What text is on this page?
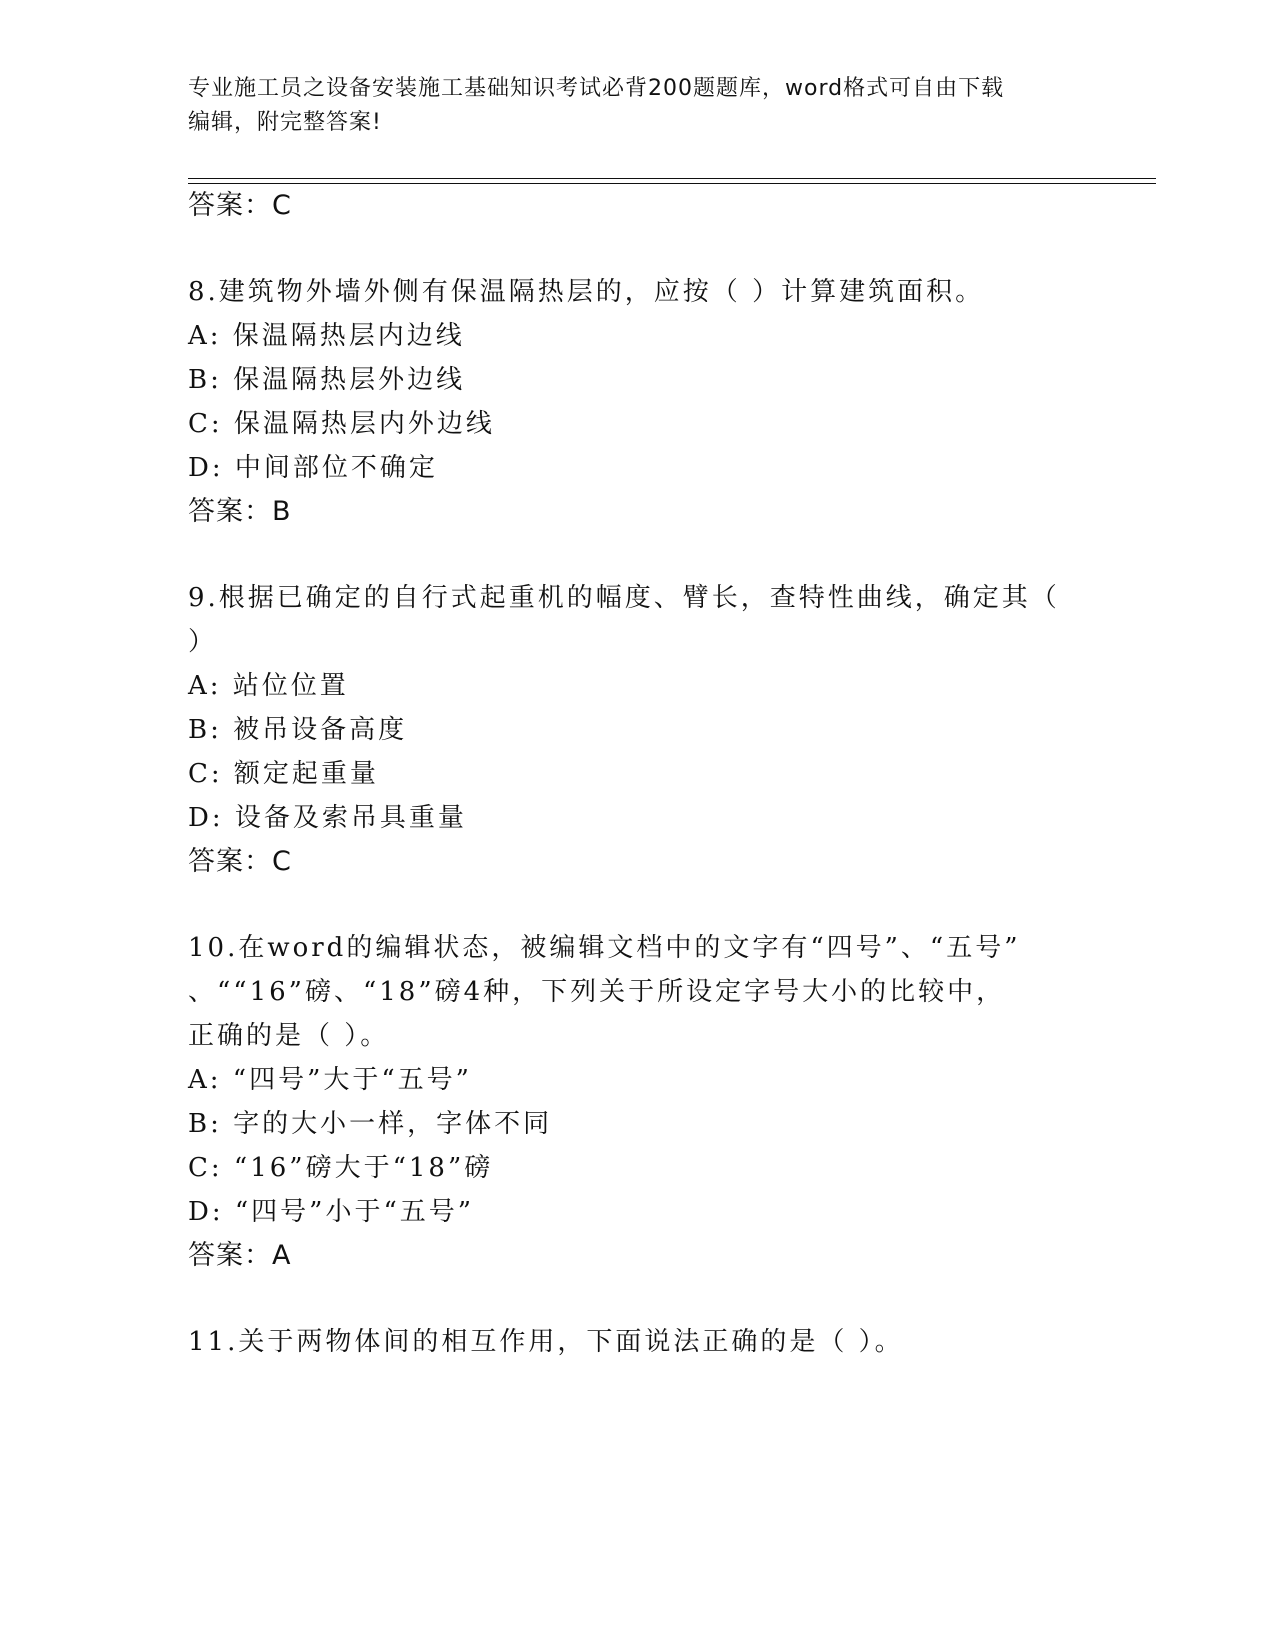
专业施工员之设备安装施工基础知识考试必背200题题库，word格式可自由下载
编辑，附完整答案!
答案：C
8.建筑物外墙外侧有保温隔热层的，应按（ ）计算建筑面积。
A: 保温隔热层内边线
B: 保温隔热层外边线
C: 保温隔热层内外边线
D: 中间部位不确定
答案：B
9.根据已确定的自行式起重机的幅度、臂长，查特性曲线，确定其（
）
A: 站位位置
B: 被吊设备高度
C: 额定起重量
D: 设备及索吊具重量
答案：C
10.在word的编辑状态，被编辑文档中的文字有“四号”、“五号”
、““16”磅、“18”磅4种，下列关于所设定字号大小的比较中，
正确的是（ ）。
A: “四号”大于“五号”
B: 字的大小一样，字体不同
C: “16”磅大于“18”磅
D: “四号”小于“五号”
答案：A
11.关于两物体间的相互作用，下面说法正确的是（ ）。
